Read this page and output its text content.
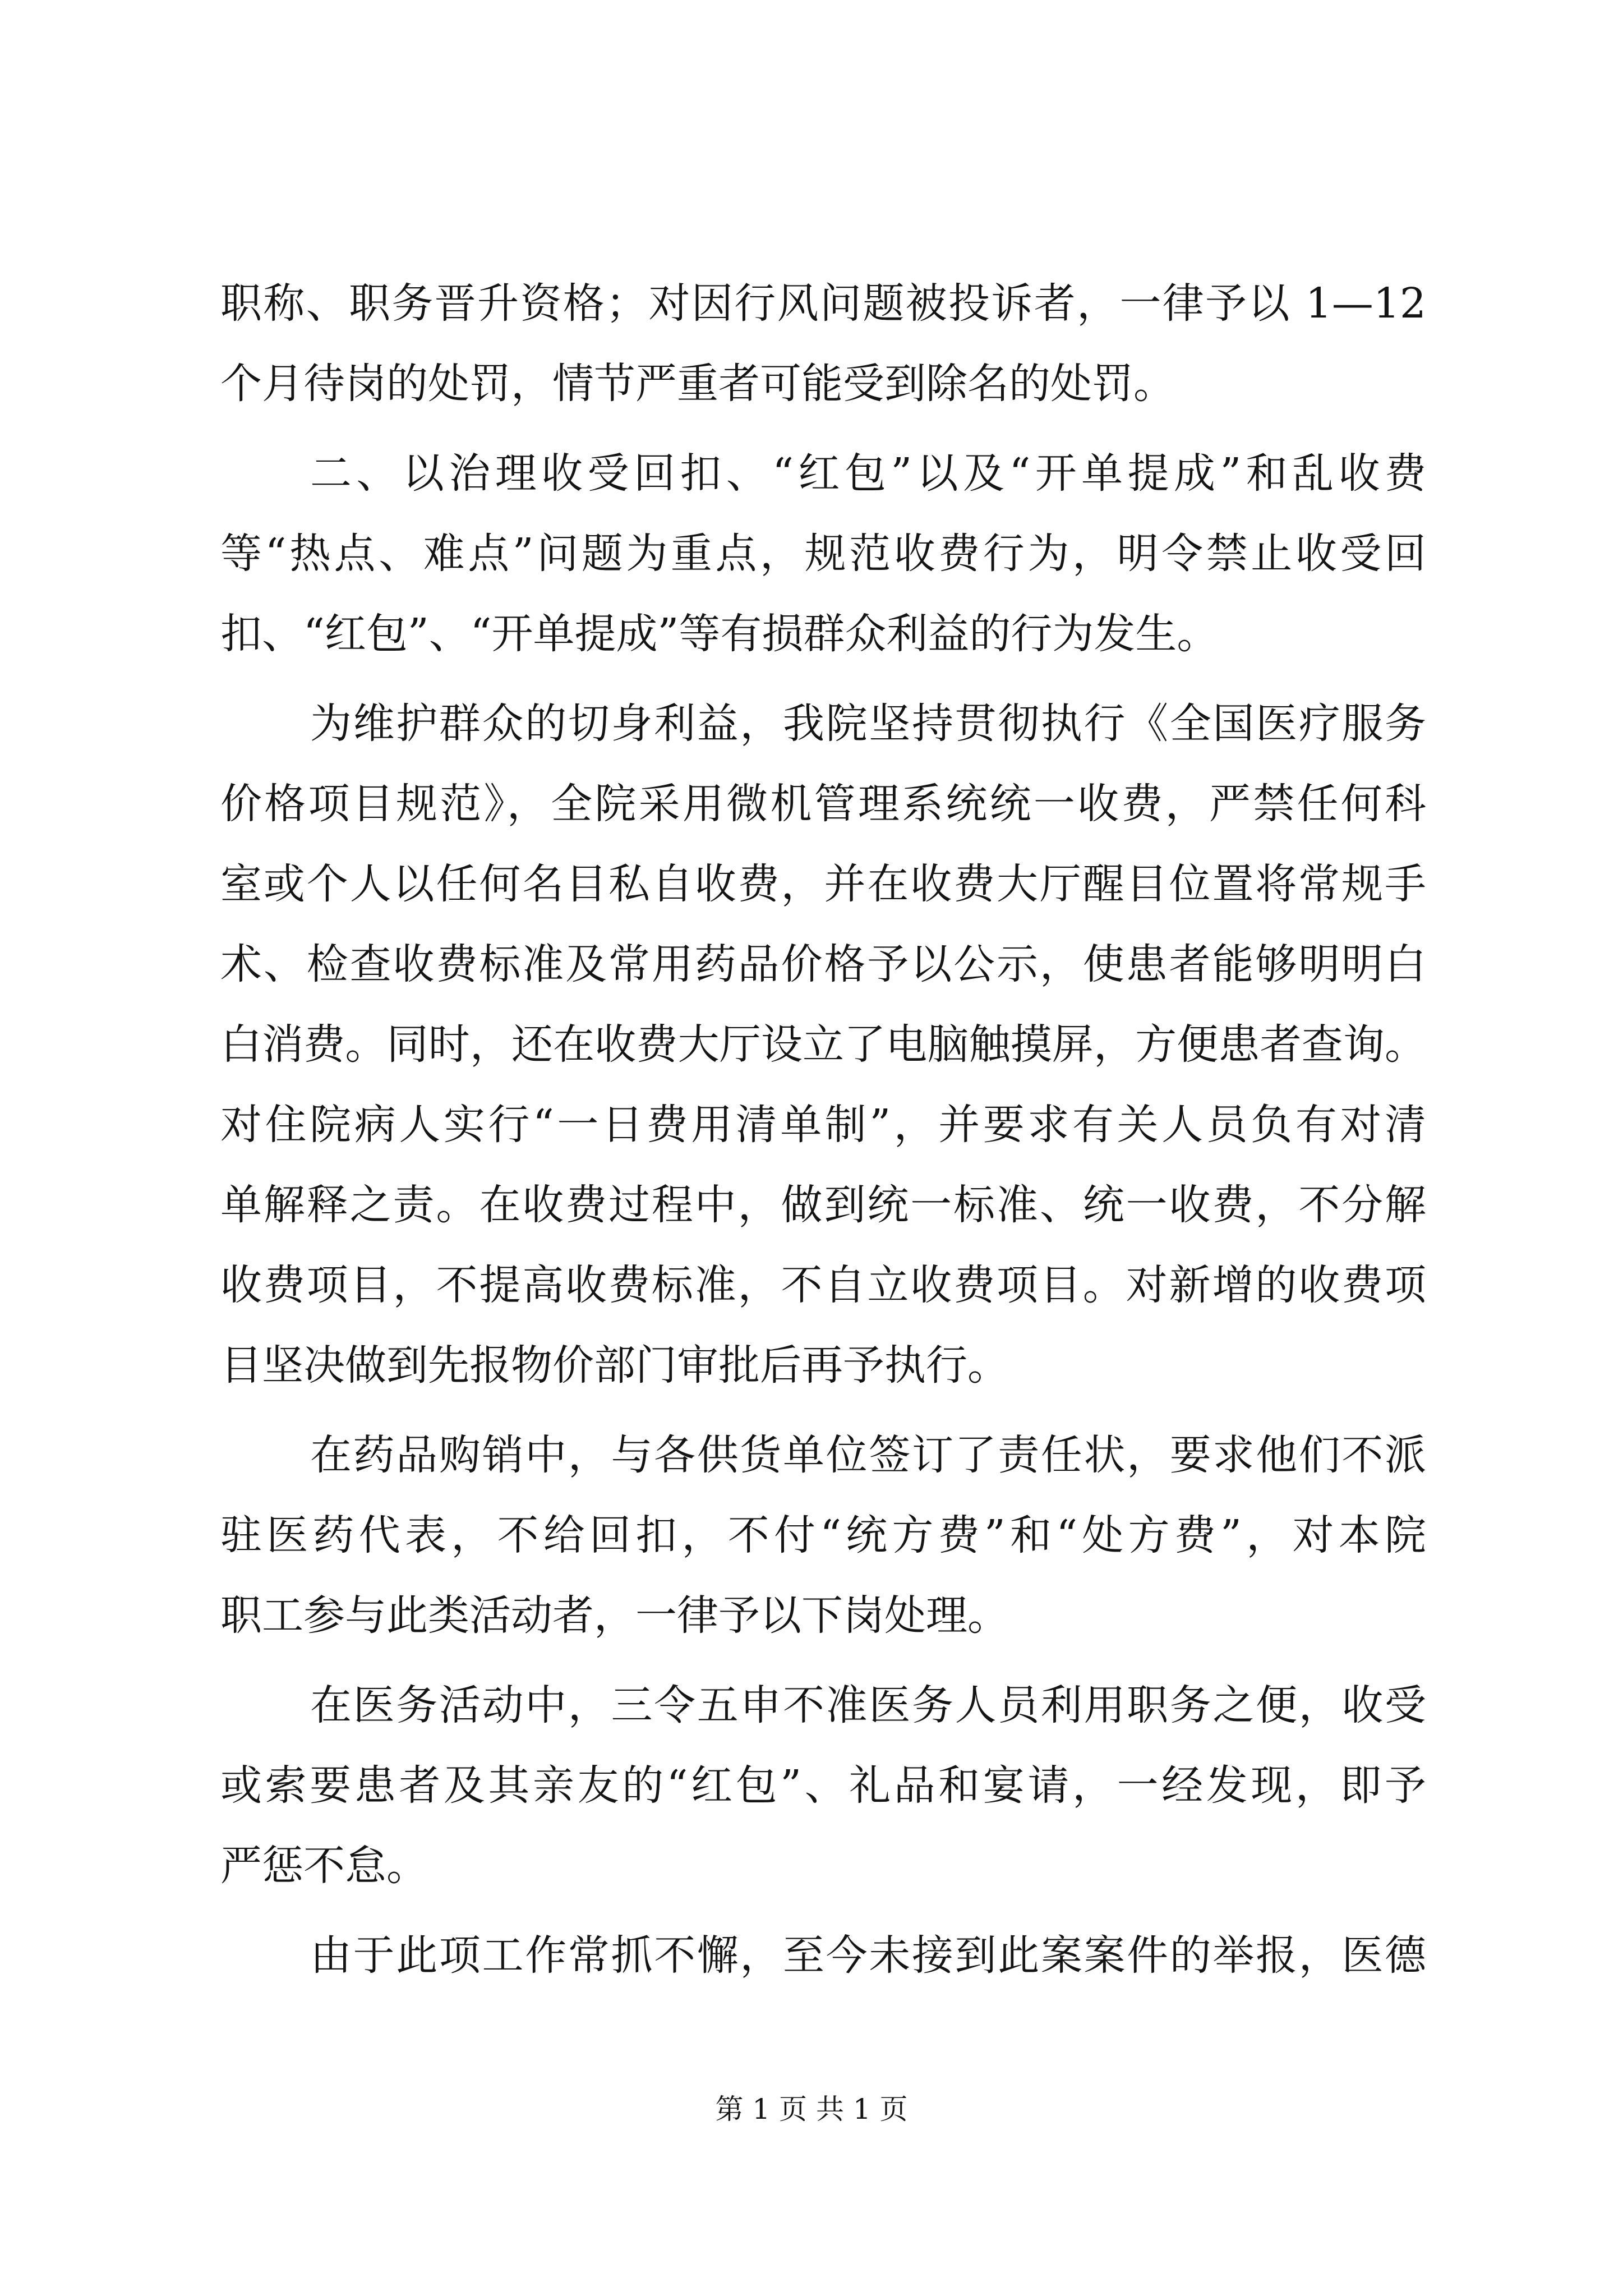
职称、职务晋升资格；对因行风问题被投诉者，一律予以 1—12
个月待岗的处罚，情节严重者可能受到除名的处罚。
二、以治理收受回扣、“红包”以及“开单提成”和乱收费
等“热点、难点”问题为重点，规范收费行为，明令禁止收受回
扣、“红包”、“开单提成”等有损群众利益的行为发生。
为维护群众的切身利益，我院坚持贯彻执行《全国医疗服务
价格项目规范》，全院采用微机管理系统统一收费，严禁任何科
室或个人以任何名目私自收费，并在收费大厅醒目位置将常规手
术、检查收费标准及常用药品价格予以公示，使患者能够明明白
白消费。同时，还在收费大厅设立了电脑触摸屏，方便患者查询。
对住院病人实行“一日费用清单制”，并要求有关人员负有对清
单解释之责。在收费过程中，做到统一标准、统一收费，不分解
收费项目，不提高收费标准，不自立收费项目。对新增的收费项
目坚决做到先报物价部门审批后再予执行。
在药品购销中，与各供货单位签订了责任状，要求他们不派
驻医药代表，不给回扣，不付“统方费”和“处方费”，对本院
职工参与此类活动者，一律予以下岗处理。
在医务活动中，三令五申不准医务人员利用职务之便，收受
或索要患者及其亲友的“红包”、礼品和宴请，一经发现，即予
严惩不怠。
由于此项工作常抓不懈，至今未接到此案案件的举报，医德
第 1 页 共 1 页
